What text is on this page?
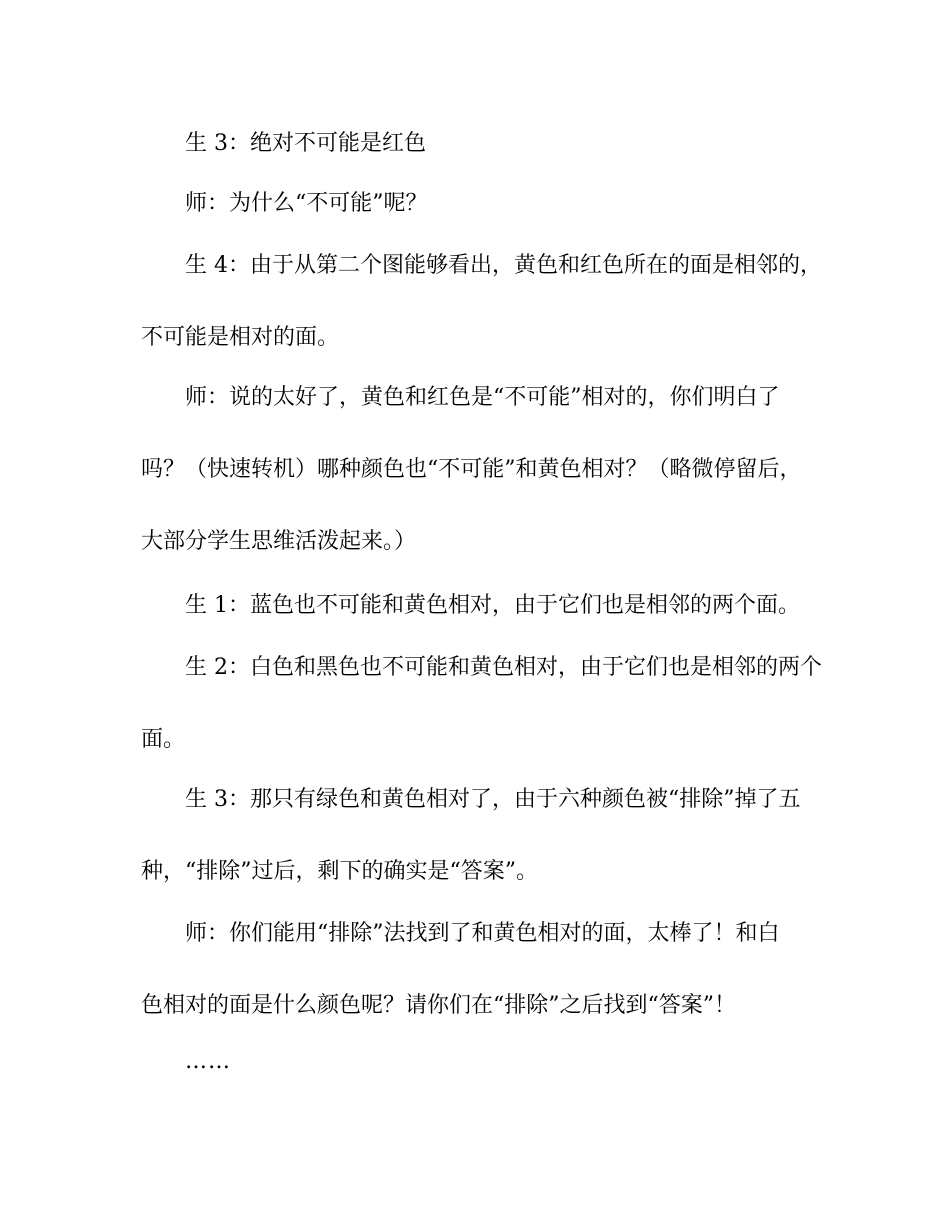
生 3：绝对不可能是红色
师：为什么“不可能”呢？
生 4：由于从第二个图能够看出，黄色和红色所在的面是相邻的，
不可能是相对的面。
师：说的太好了，黄色和红色是“不可能”相对的，你们明白了
吗？（快速转机）哪种颜色也“不可能”和黄色相对？（略微停留后，
大部分学生思维活泼起来。）
生 1：蓝色也不可能和黄色相对，由于它们也是相邻的两个面。
生 2：白色和黑色也不可能和黄色相对，由于它们也是相邻的两个
面。
生 3：那只有绿色和黄色相对了，由于六种颜色被“排除”掉了五
种，“排除”过后，剩下的确实是“答案”。
师：你们能用“排除”法找到了和黄色相对的面，太棒了！和白
色相对的面是什么颜色呢？请你们在“排除”之后找到“答案”！
……
